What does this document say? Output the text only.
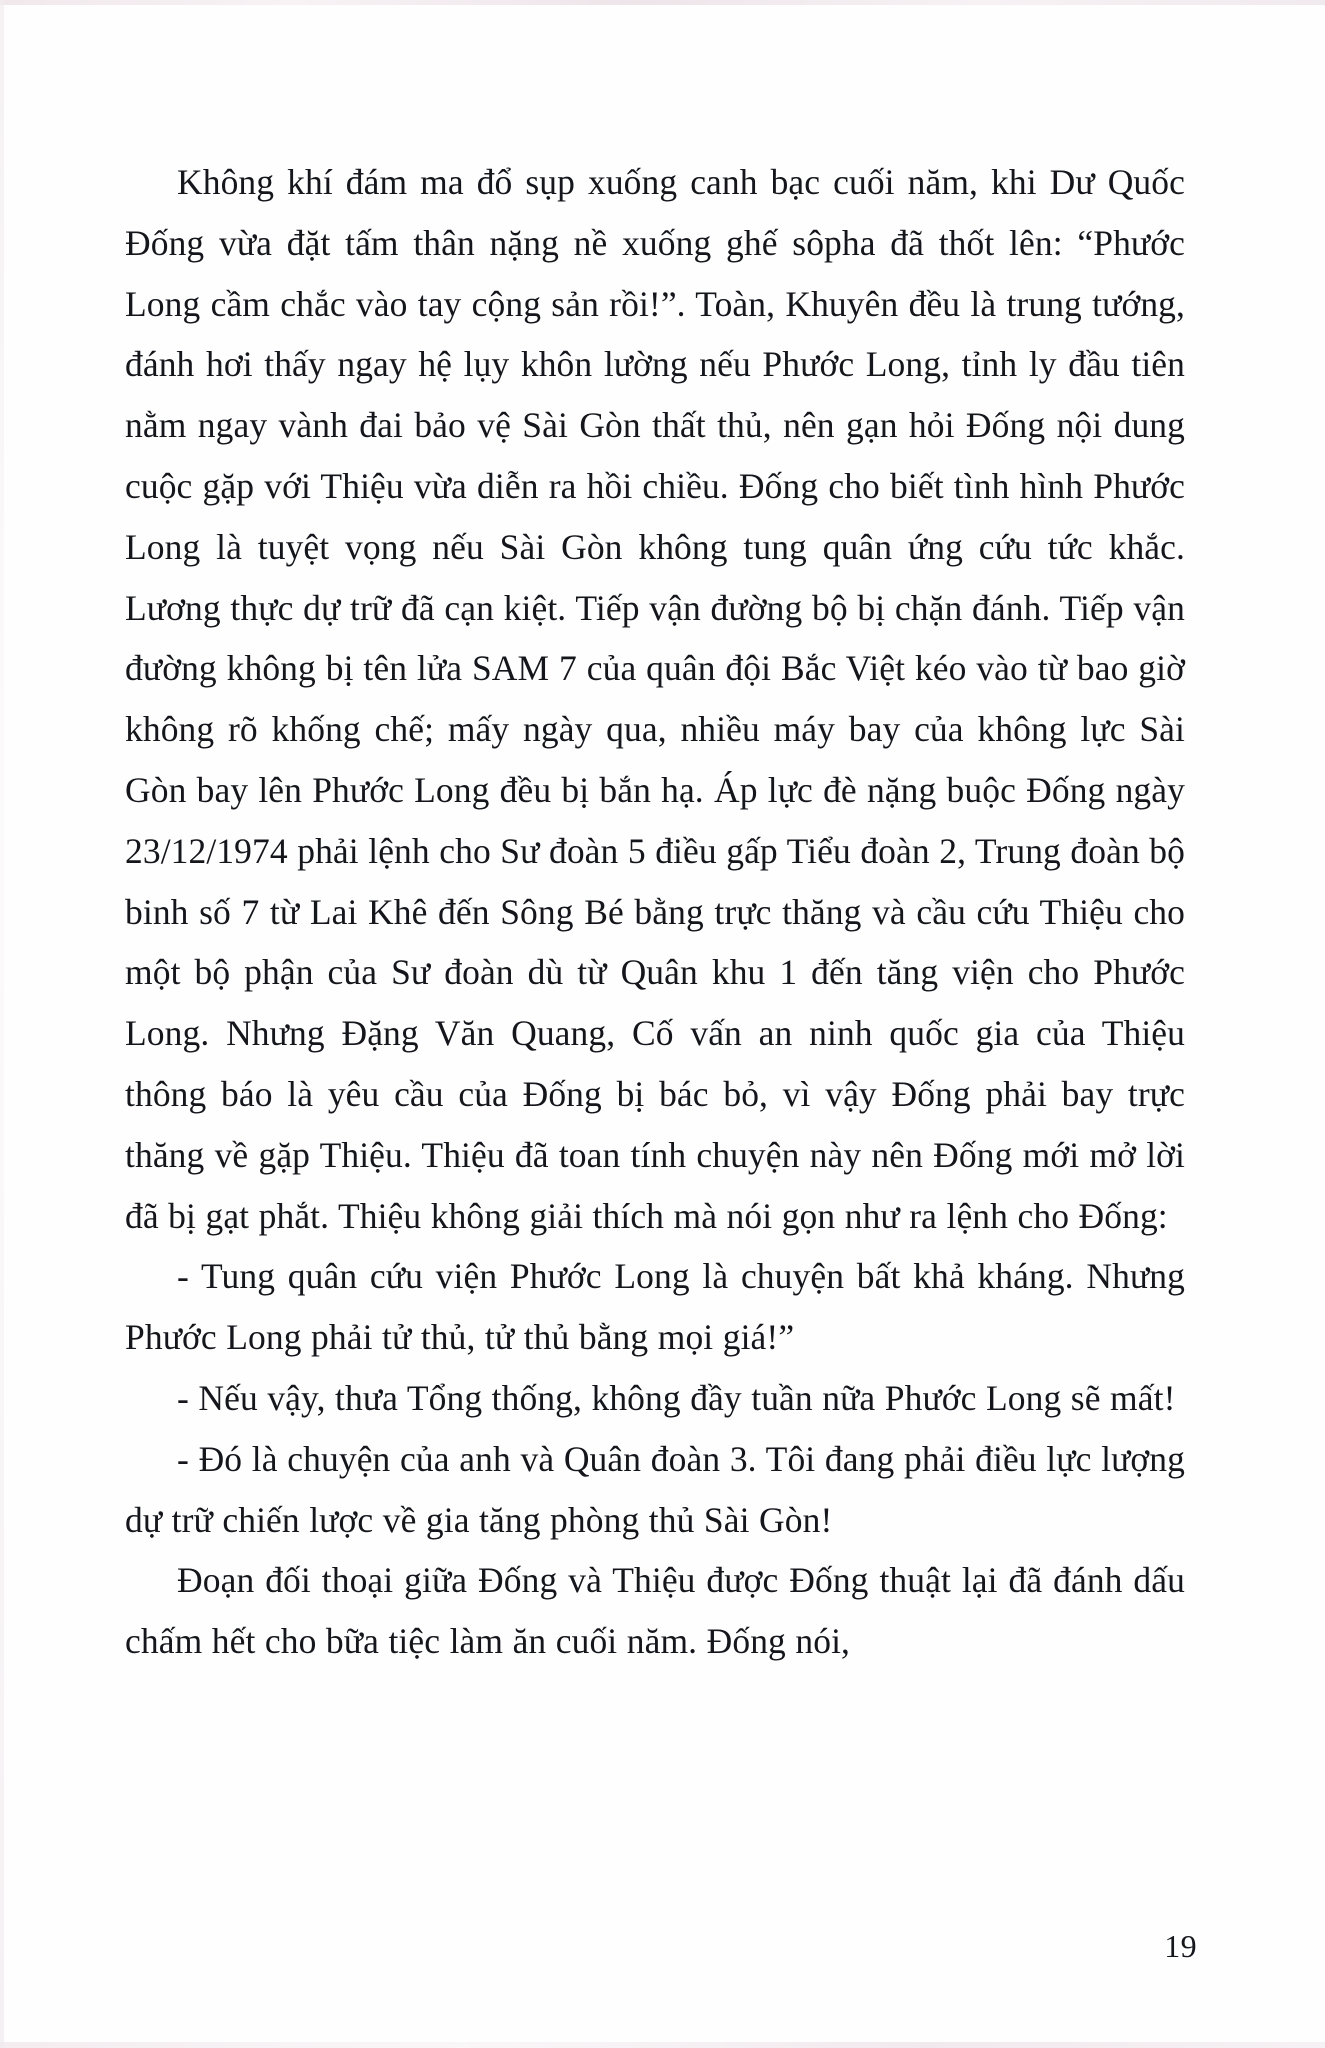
Không khí đám ma đổ sụp xuống canh bạc cuối năm, khi Dư Quốc Đống vừa đặt tấm thân nặng nề xuống ghế sôpha đã thốt lên: “Phước Long cầm chắc vào tay cộng sản rồi!”. Toàn, Khuyên đều là trung tướng, đánh hơi thấy ngay hệ lụy khôn lường nếu Phước Long, tỉnh ly đầu tiên nằm ngay vành đai bảo vệ Sài Gòn thất thủ, nên gạn hỏi Đống nội dung cuộc gặp với Thiệu vừa diễn ra hồi chiều. Đống cho biết tình hình Phước Long là tuyệt vọng nếu Sài Gòn không tung quân ứng cứu tức khắc. Lương thực dự trữ đã cạn kiệt. Tiếp vận đường bộ bị chặn đánh. Tiếp vận đường không bị tên lửa SAM 7 của quân đội Bắc Việt kéo vào từ bao giờ không rõ khống chế; mấy ngày qua, nhiều máy bay của không lực Sài Gòn bay lên Phước Long đều bị bắn hạ. Áp lực đè nặng buộc Đống ngày 23/12/1974 phải lệnh cho Sư đoàn 5 điều gấp Tiểu đoàn 2, Trung đoàn bộ binh số 7 từ Lai Khê đến Sông Bé bằng trực thăng và cầu cứu Thiệu cho một bộ phận của Sư đoàn dù từ Quân khu 1 đến tăng viện cho Phước Long. Nhưng Đặng Văn Quang, Cố vấn an ninh quốc gia của Thiệu thông báo là yêu cầu của Đống bị bác bỏ, vì vậy Đống phải bay trực thăng về gặp Thiệu. Thiệu đã toan tính chuyện này nên Đống mới mở lời đã bị gạt phắt. Thiệu không giải thích mà nói gọn như ra lệnh cho Đống:

- Tung quân cứu viện Phước Long là chuyện bất khả kháng. Nhưng Phước Long phải tử thủ, tử thủ bằng mọi giá!”

- Nếu vậy, thưa Tổng thống, không đầy tuần nữa Phước Long sẽ mất!

- Đó là chuyện của anh và Quân đoàn 3. Tôi đang phải điều lực lượng dự trữ chiến lược về gia tăng phòng thủ Sài Gòn!

Đoạn đối thoại giữa Đống và Thiệu được Đống thuật lại đã đánh dấu chấm hết cho bữa tiệc làm ăn cuối năm. Đống nói,

19
